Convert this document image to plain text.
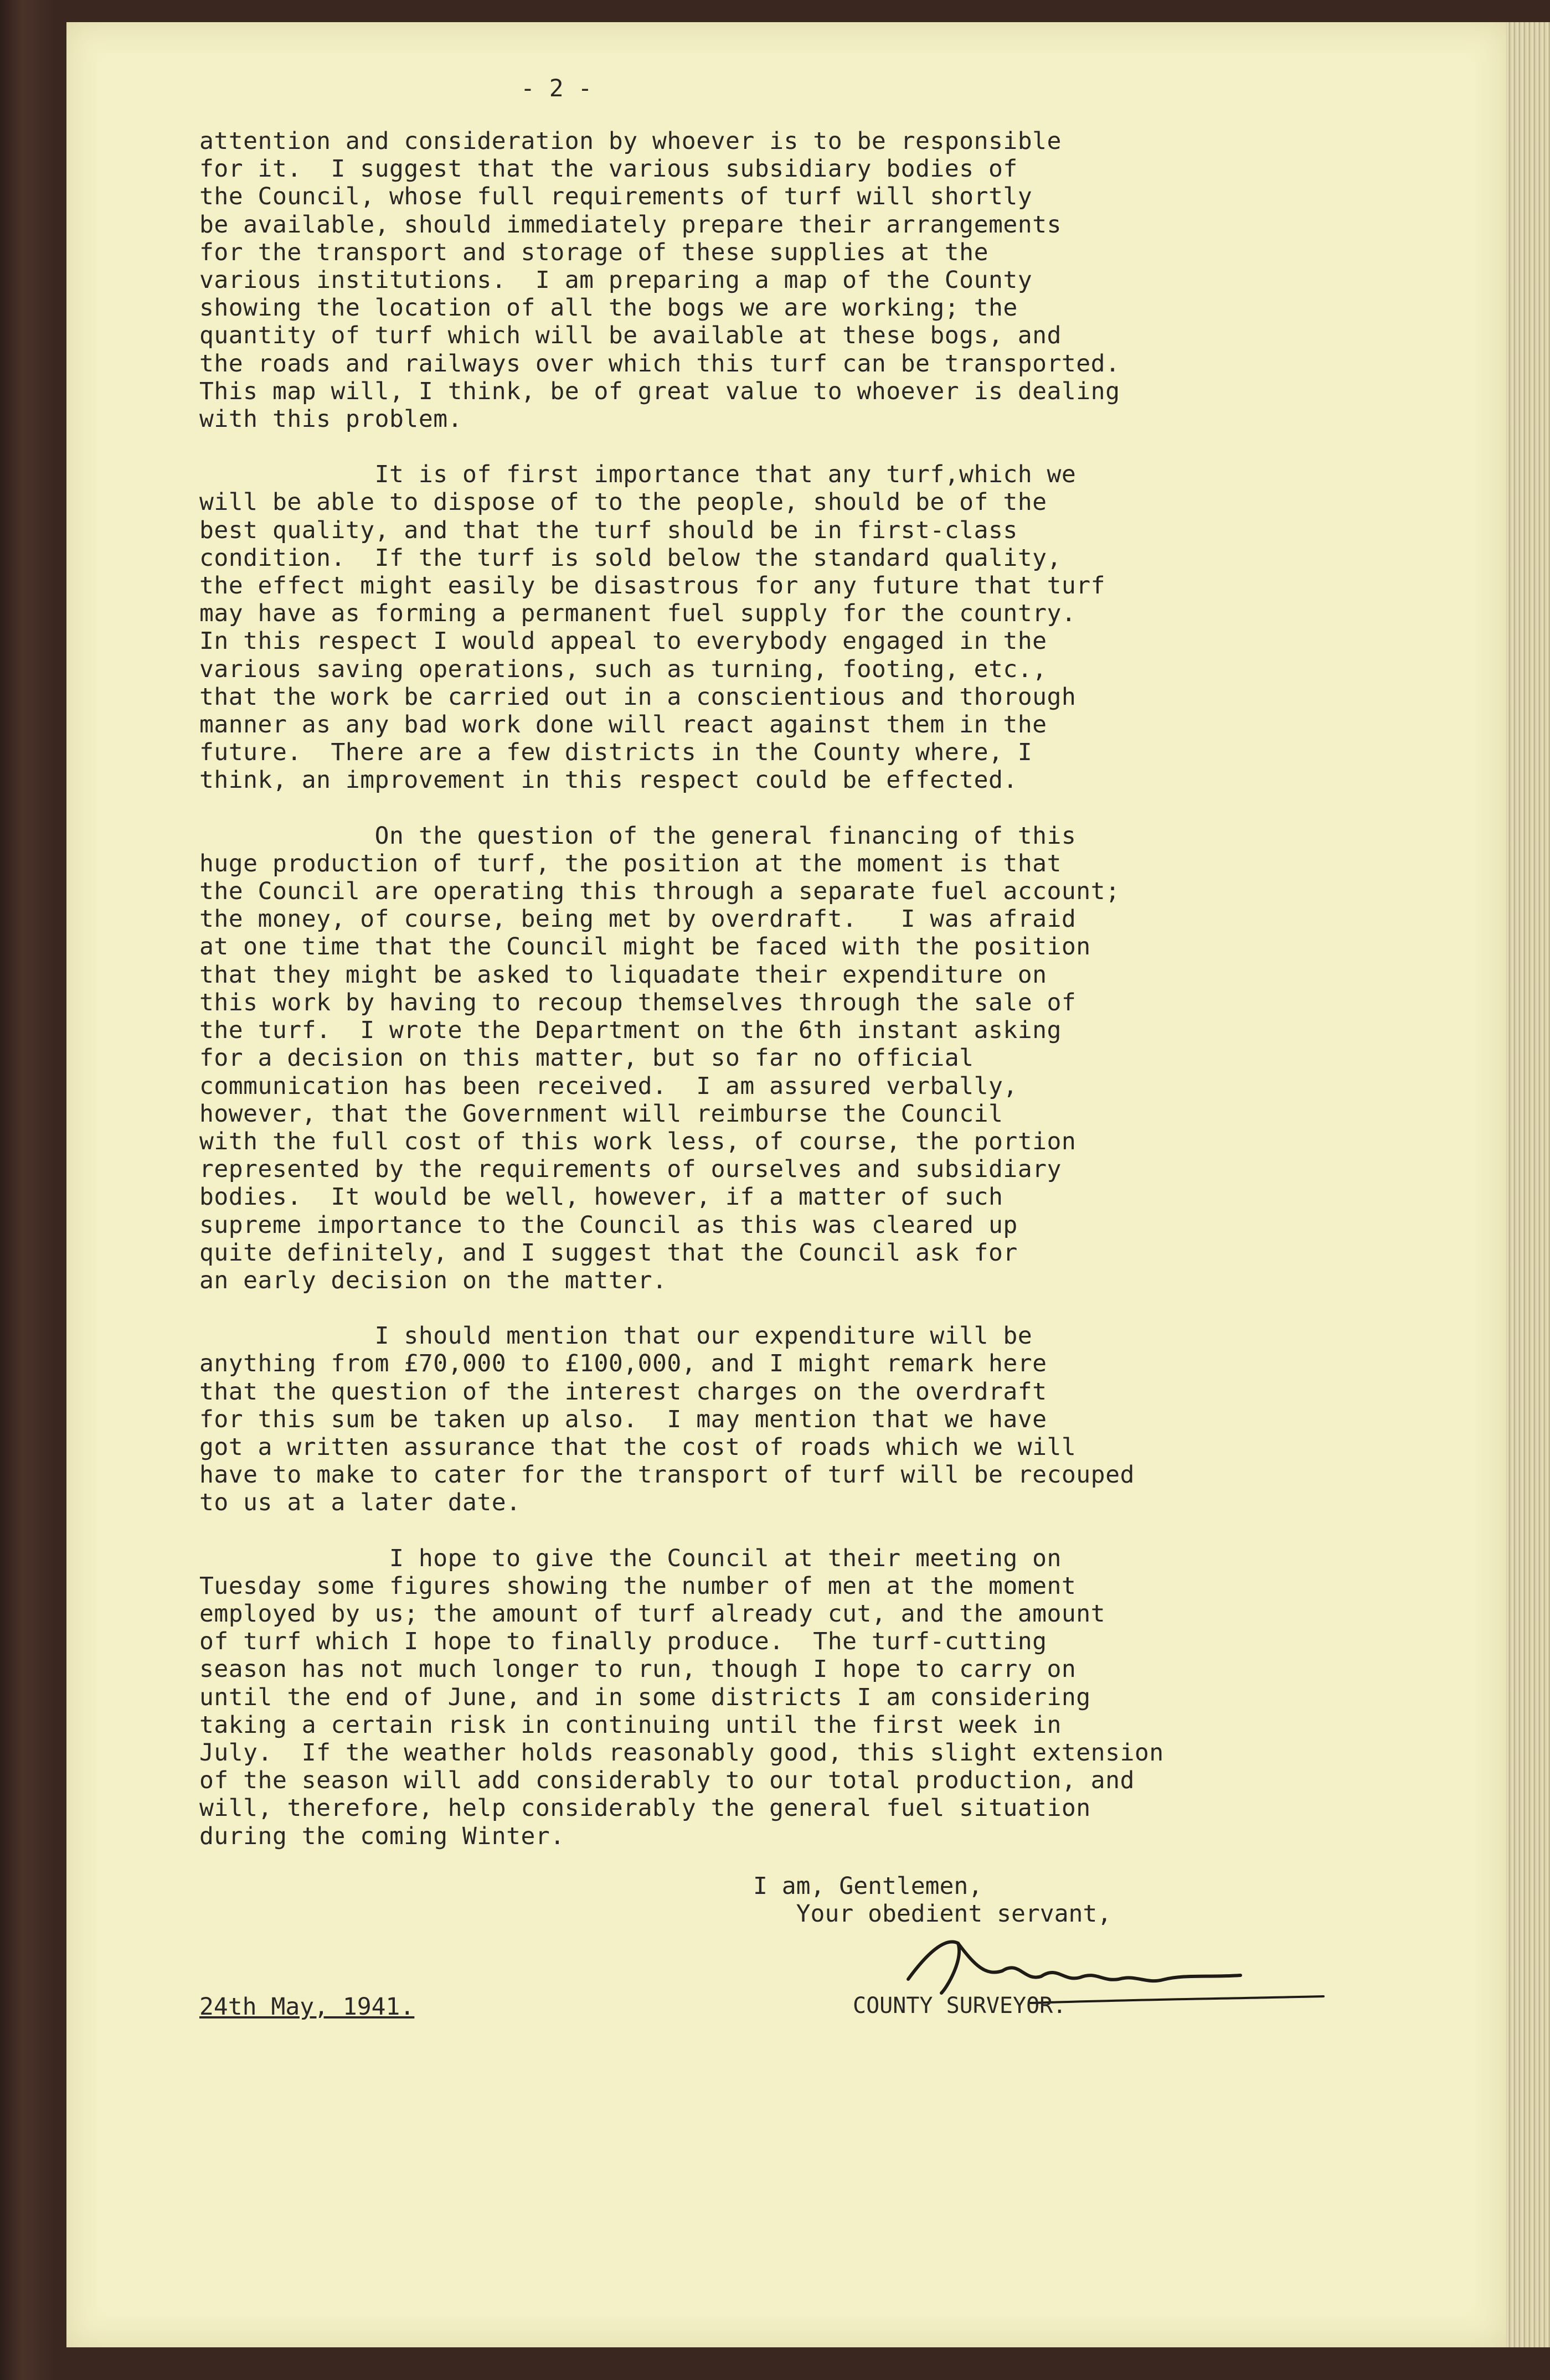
- 2 -

attention and consideration by whoever is to be responsible
for it.  I suggest that the various subsidiary bodies of
the Council, whose full requirements of turf will shortly
be available, should immediately prepare their arrangements
for the transport and storage of these supplies at the
various institutions.  I am preparing a map of the County
showing the location of all the bogs we are working; the
quantity of turf which will be available at these bogs, and
the roads and railways over which this turf can be transported.
This map will, I think, be of great value to whoever is dealing
with this problem.

It is of first importance that any turf,which we
will be able to dispose of to the people, should be of the
best quality, and that the turf should be in first-class
condition.  If the turf is sold below the standard quality,
the effect might easily be disastrous for any future that turf
may have as forming a permanent fuel supply for the country.
In this respect I would appeal to everybody engaged in the
various saving operations, such as turning, footing, etc.,
that the work be carried out in a conscientious and thorough
manner as any bad work done will react against them in the
future.  There are a few districts in the County where, I
think, an improvement in this respect could be effected.

On the question of the general financing of this
huge production of turf, the position at the moment is that
the Council are operating this through a separate fuel account;
the money, of course, being met by overdraft.   I was afraid
at one time that the Council might be faced with the position
that they might be asked to liquadate their expenditure on
this work by having to recoup themselves through the sale of
the turf.  I wrote the Department on the 6th instant asking
for a decision on this matter, but so far no official
communication has been received.  I am assured verbally,
however, that the Government will reimburse the Council
with the full cost of this work less, of course, the portion
represented by the requirements of ourselves and subsidiary
bodies.  It would be well, however, if a matter of such
supreme importance to the Council as this was cleared up
quite definitely, and I suggest that the Council ask for
an early decision on the matter.

I should mention that our expenditure will be
anything from £70,000 to £100,000, and I might remark here
that the question of the interest charges on the overdraft
for this sum be taken up also.  I may mention that we have
got a written assurance that the cost of roads which we will
have to make to cater for the transport of turf will be recouped
to us at a later date.

I hope to give the Council at their meeting on
Tuesday some figures showing the number of men at the moment
employed by us; the amount of turf already cut, and the amount
of turf which I hope to finally produce.  The turf-cutting
season has not much longer to run, though I hope to carry on
until the end of June, and in some districts I am considering
taking a certain risk in continuing until the first week in
July.  If the weather holds reasonably good, this slight extension
of the season will add considerably to our total production, and
will, therefore, help considerably the general fuel situation
during the coming Winter.

I am, Gentlemen,
Your obedient servant,

24th May, 1941.	COUNTY SURVEYOR.
